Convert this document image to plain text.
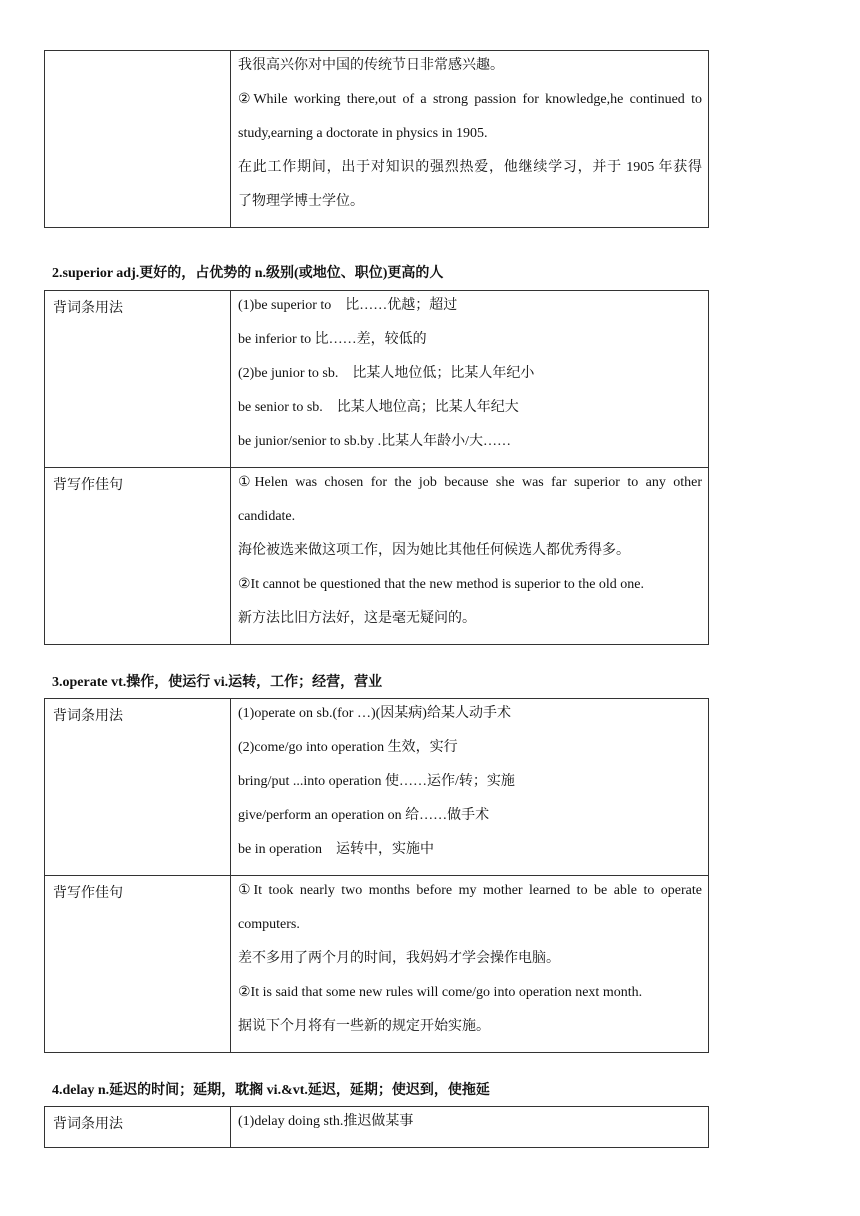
我很高兴你对中国的传统节日非常感兴趣。
②While working there,out of a strong passion for knowledge,he continued to
study,earning a doctorate in physics in 1905.
在此工作期间，出于对知识的强烈热爱，他继续学习，并于 1905 年获得
了物理学博士学位。
2.superior adj.更好的，占优势的 n.级别(或地位、职位)更高的人
背词条用法	(1)be superior to　比……优越；超过
be inferior to 比……差，较低的
(2)be junior to sb.　比某人地位低；比某人年纪小
be senior to sb.　比某人地位高；比某人年纪大
be junior/senior to sb.by .比某人年龄小/大……

背写作佳句	①Helen was chosen for the job because she was far superior to any other
candidate.
海伦被选来做这项工作，因为她比其他任何候选人都优秀得多。
②It cannot be questioned that the new method is superior to the old one.
新方法比旧方法好，这是毫无疑问的。
3.operate vt.操作，使运行 vi.运转，工作；经营，营业
背词条用法	(1)operate on sb.(for …)(因某病)给某人动手术
(2)come/go into operation 生效，实行
bring/put ...into operation 使……运作/转；实施
give/perform an operation on 给……做手术
be in operation　运转中，实施中

背写作佳句	①It took nearly two months before my mother learned to be able to operate
computers.
差不多用了两个月的时间，我妈妈才学会操作电脑。
②It is said that some new rules will come/go into operation next month.
据说下个月将有一些新的规定开始实施。
4.delay n.延迟的时间；延期，耽搁 vi.&vt.延迟，延期；使迟到，使拖延
背词条用法	(1)delay doing sth.推迟做某事
